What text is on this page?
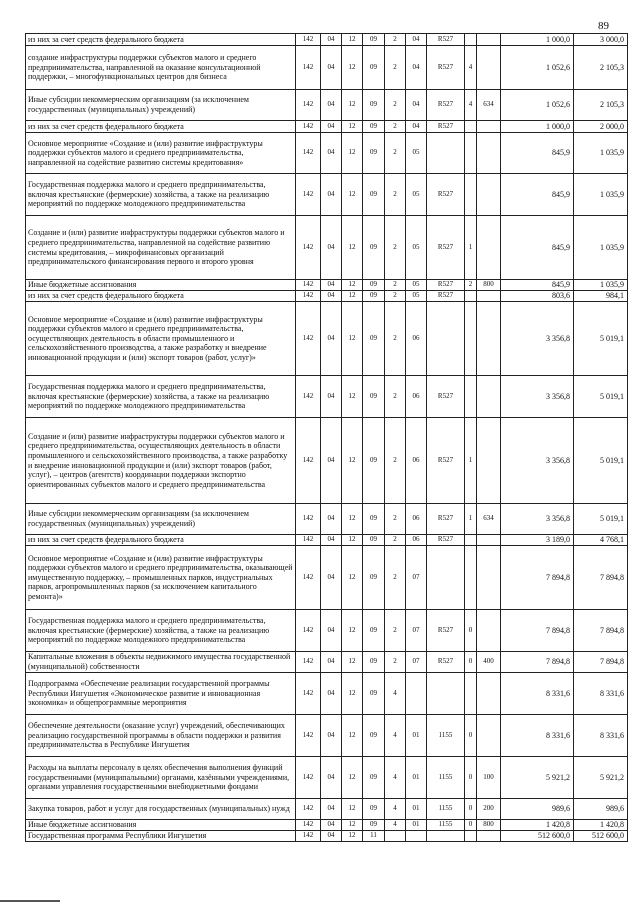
89
из них за счет средств федерального бюджета	142	04	12	09	2	04	R527			1 000,0	3 000,0
создание инфраструктуры поддержки субъектов малого и среднего предпринимательства, направленной на оказание консультационной поддержки, – многофункциональных центров для бизнеса	142	04	12	09	2	04	R527	4		1 052,6	2 105,3
Иные субсидии некоммерческим организациям (за исключением государственных (муниципальных) учреждений)	142	04	12	09	2	04	R527	4	634	1 052,6	2 105,3
из них за счет средств федерального бюджета	142	04	12	09	2	04	R527			1 000,0	2 000,0
Основное мероприятие «Создание и (или) развитие инфраструктуры поддержки субъектов малого и среднего предпринимательства, направленной на содействие развитию системы кредитования»	142	04	12	09	2	05				845,9	1 035,9
Государственная поддержка малого и среднего предпринимательства, включая крестьянские (фермерские) хозяйства, а также на реализацию мероприятий по поддержке молодежного предпринимательства	142	04	12	09	2	05	R527			845,9	1 035,9
Создание и (или) развитие инфраструктуры поддержки субъектов малого и среднего предпринимательства, направленной на содействие развитию системы кредитования, – микрофинансовых организаций предпринимательского финансирования первого и второго уровня	142	04	12	09	2	05	R527	1		845,9	1 035,9
Иные бюджетные ассигнования	142	04	12	09	2	05	R527	2	800	845,9	1 035,9
из них за счет средств федерального бюджета	142	04	12	09	2	05	R527			803,6	984,1
Основное мероприятие «Создание и (или) развитие инфраструктуры поддержки субъектов малого и среднего предпринимательства, осуществляющих деятельность в области промышленного и сельскохозяйственного производства, а также разработку и внедрение инновационной продукции и (или) экспорт товаров (работ, услуг)»	142	04	12	09	2	06				3 356,8	5 019,1
Государственная поддержка малого и среднего предпринимательства, включая крестьянские (фермерские) хозяйства, а также на реализацию мероприятий по поддержке молодежного предпринимательства	142	04	12	09	2	06	R527			3 356,8	5 019,1
Создание и (или) развитие инфраструктуры поддержки субъектов малого и среднего предпринимательства, осуществляющих деятельность в области промышленного и сельскохозяйственного производства, а также разработку и внедрение инновационной продукции и (или) экспорт товаров (работ, услуг), – центров (агентств) координации поддержки экспортно ориентированных субъектов малого и среднего предпринимательства	142	04	12	09	2	06	R527	1		3 356,8	5 019,1
Иные субсидии некоммерческим организациям (за исключением государственных (муниципальных) учреждений)	142	04	12	09	2	06	R527	1	634	3 356,8	5 019,1
из них за счет средств федерального бюджета	142	04	12	09	2	06	R527			3 189,0	4 768,1
Основное мероприятие «Создание и (или) развитие инфраструктуры поддержки субъектов малого и среднего предпринимательства, оказывающей имущественную поддержку, – промышленных парков, индустриальных парков, агропромышленных парков (за исключением капитального ремонта)»	142	04	12	09	2	07				7 894,8	7 894,8
Государственная поддержка малого и среднего предпринимательства, включая крестьянские (фермерские) хозяйства, а также на реализацию мероприятий по поддержке молодежного предпринимательства	142	04	12	09	2	07	R527	0		7 894,8	7 894,8
Капитальные вложения в объекты недвижимого имущества государственной (муниципальной) собственности	142	04	12	09	2	07	R527	0	400	7 894,8	7 894,8
Подпрограмма «Обеспечение реализации государственной программы Республики Ингушетия «Экономическое развитие и инновационная экономика» и общепрограммные мероприятия	142	04	12	09	4					8 331,6	8 331,6
Обеспечение деятельности (оказание услуг) учреждений, обеспечивающих реализацию государственной программы в области поддержки и развития предпринимательства в Республике Ингушетия	142	04	12	09	4	01	1155	0		8 331,6	8 331,6
Расходы на выплаты персоналу в целях обеспечения выполнения функций государственными (муниципальными) органами, казёнными учреждениями, органами управления государственными внебюджетными фондами	142	04	12	09	4	01	1155	0	100	5 921,2	5 921,2
Закупка товаров, работ и услуг для государственных (муниципальных) нужд	142	04	12	09	4	01	1155	0	200	989,6	989,6
Иные бюджетные ассигнования	142	04	12	09	4	01	1155	0	800	1 420,8	1 420,8
Государственная программа Республики Ингушетия	142	04	12	11						512 600,0	512 600,0
